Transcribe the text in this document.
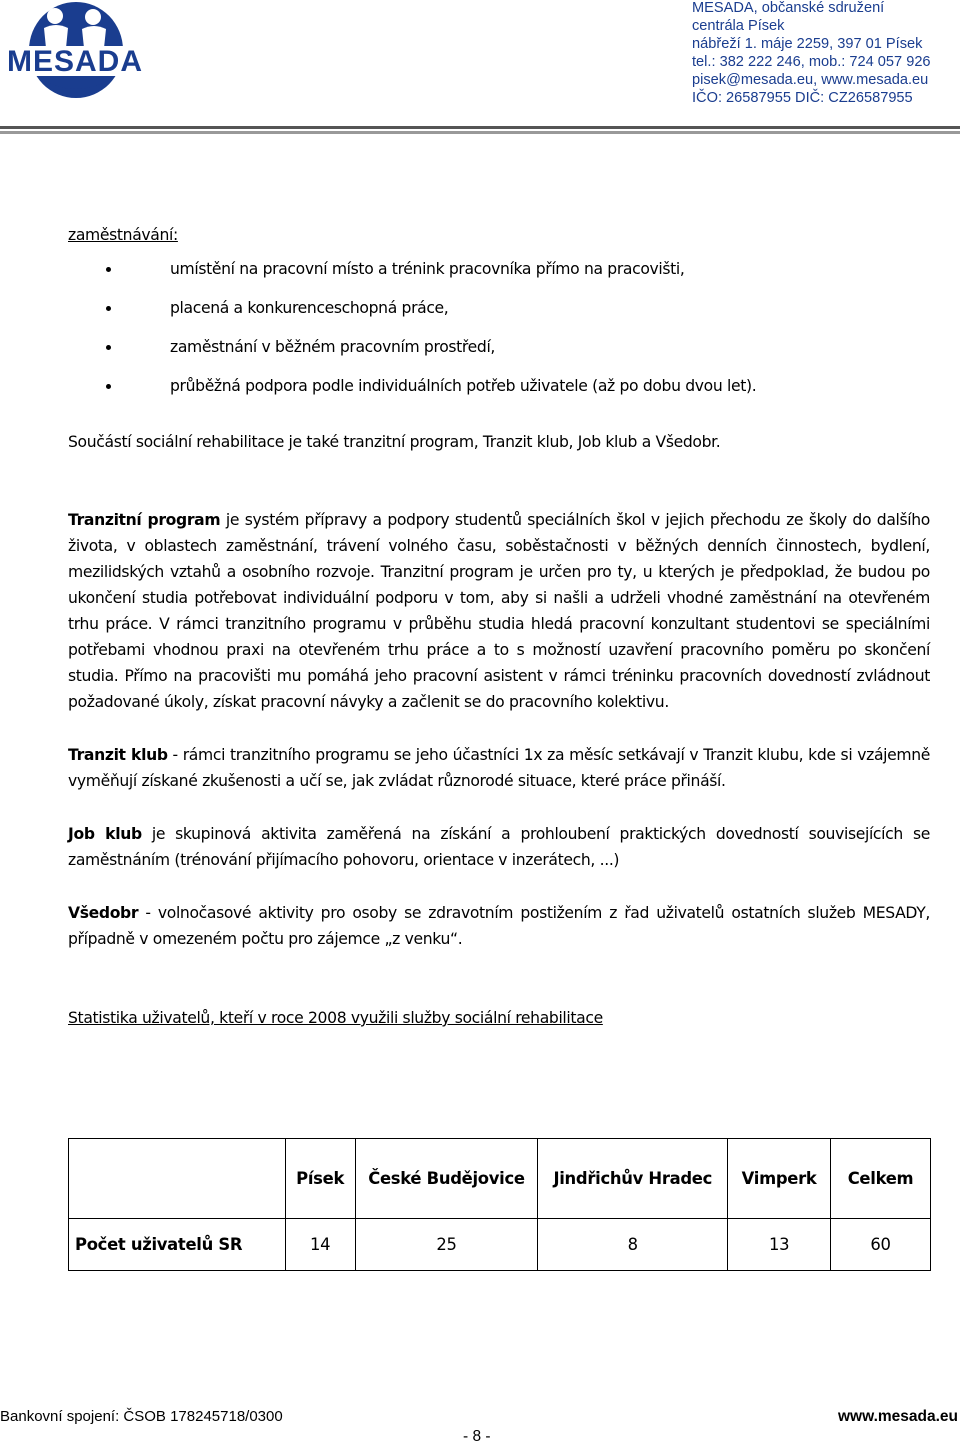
MESADA
MESADA, občanské sdružení
centrála Písek
nábřeží 1. máje 2259, 397 01 Písek
tel.: 382 222 246, mob.: 724 057 926
pisek@mesada.eu, www.mesada.eu
IČO: 26587955 DIČ: CZ26587955

zaměstnávání:

umístění na pracovní místo a trénink pracovníka přímo na pracovišti,
placená a konkurenceschopná práce,
zaměstnání v běžném pracovním prostředí,
průběžná podpora podle individuálních potřeb uživatele (až po dobu dvou let).

Součástí sociální rehabilitace je také tranzitní program, Tranzit klub, Job klub a Všedobr.

Tranzitní program je systém přípravy a podpory studentů speciálních škol v jejich přechodu ze školy do dalšího života, v oblastech zaměstnání, trávení volného času, soběstačnosti v běžných denních činnostech, bydlení, mezilidských vztahů a osobního rozvoje. Tranzitní program je určen pro ty, u kterých je předpoklad, že budou po ukončení studia potřebovat individuální podporu v tom, aby si našli a udrželi vhodné zaměstnání na otevřeném trhu práce. V rámci tranzitního programu v průběhu studia hledá pracovní konzultant studentovi se speciálními potřebami vhodnou praxi na otevřeném trhu práce a to s možností uzavření pracovního poměru po skončení studia. Přímo na pracovišti mu pomáhá jeho pracovní asistent v rámci tréninku pracovních dovedností zvládnout požadované úkoly, získat pracovní návyky a začlenit se do pracovního kolektivu.

Tranzit klub - rámci tranzitního programu se jeho účastníci 1x za měsíc setkávají v Tranzit klubu, kde si vzájemně vyměňují získané zkušenosti a učí se, jak zvládat různorodé situace, které práce přináší.

Job klub je skupinová aktivita zaměřená na získání a prohloubení praktických dovedností souvisejících se zaměstnáním (trénování přijímacího pohovoru, orientace v inzerátech, ...)

Všedobr - volnočasové aktivity pro osoby se zdravotním postižením z řad uživatelů ostatních služeb MESADY, případně v omezeném počtu pro zájemce „z venku“.

Statistika uživatelů, kteří v roce 2008 využili služby sociální rehabilitace

	Písek	České Budějovice	Jindřichův Hradec	Vimperk	Celkem
Počet uživatelů SR	14	25	8	13	60
Bankovní spojení: ČSOB 178245718/0300	www.mesada.eu
- 8 -
